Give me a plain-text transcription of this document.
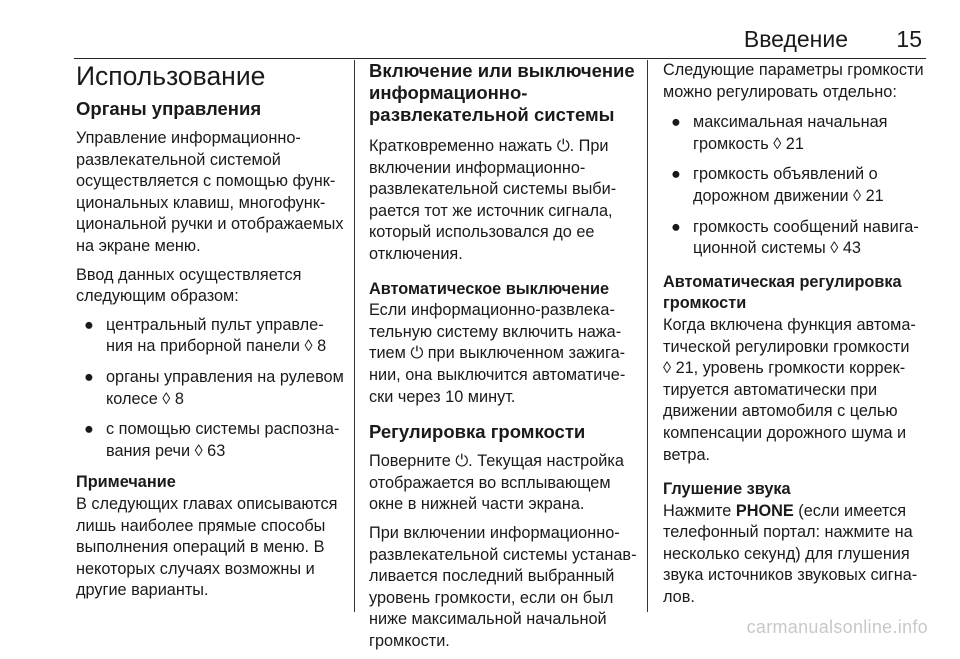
Введение 15
Использование
Органы управления
Управление информационно-
развлекательной системой
осуществляется с помощью функ-
циональных клавиш, многофунк-
циональной ручки и отображаемых
на экране меню.
Ввод данных осуществляется
следующим образом:
● центральный пульт управле-
ния на приборной панели ◊ 8
● органы управления на рулевом
колесе ◊ 8
● с помощью системы распозна-
вания речи ◊ 63
Примечание
В следующих главах описываются
лишь наиболее прямые способы
выполнения операций в меню. В
некоторых случаях возможны и
другие варианты.
Включение или выключение
информационно-
развлекательной системы
Кратковременно нажать ⏻. При
включении информационно-
развлекательной системы выби-
рается тот же источник сигнала,
который использовался до ее
отключения.
Автоматическое выключение
Если информационно-развлека-
тельную систему включить нажа-
тием ⏻ при выключенном зажига-
нии, она выключится автоматиче-
ски через 10 минут.
Регулировка громкости
Поверните ⏻. Текущая настройка
отображается во всплывающем
окне в нижней части экрана.
При включении информационно-
развлекательной системы устанав-
ливается последний выбранный
уровень громкости, если он был
ниже максимальной начальной
громкости.
Следующие параметры громкости
можно регулировать отдельно:
● максимальная начальная
громкость ◊ 21
● громкость объявлений о
дорожном движении ◊ 21
● громкость сообщений навига-
ционной системы ◊ 43
Автоматическая регулировка
громкости
Когда включена функция автома-
тической регулировки громкости
◊ 21, уровень громкости коррек-
тируется автоматически при
движении автомобиля с целью
компенсации дорожного шума и
ветра.
Глушение звука
Нажмите PHONE (если имеется
телефонный портал: нажмите на
несколько секунд) для глушения
звука источников звуковых сигна-
лов.
carmanualsonline.info
